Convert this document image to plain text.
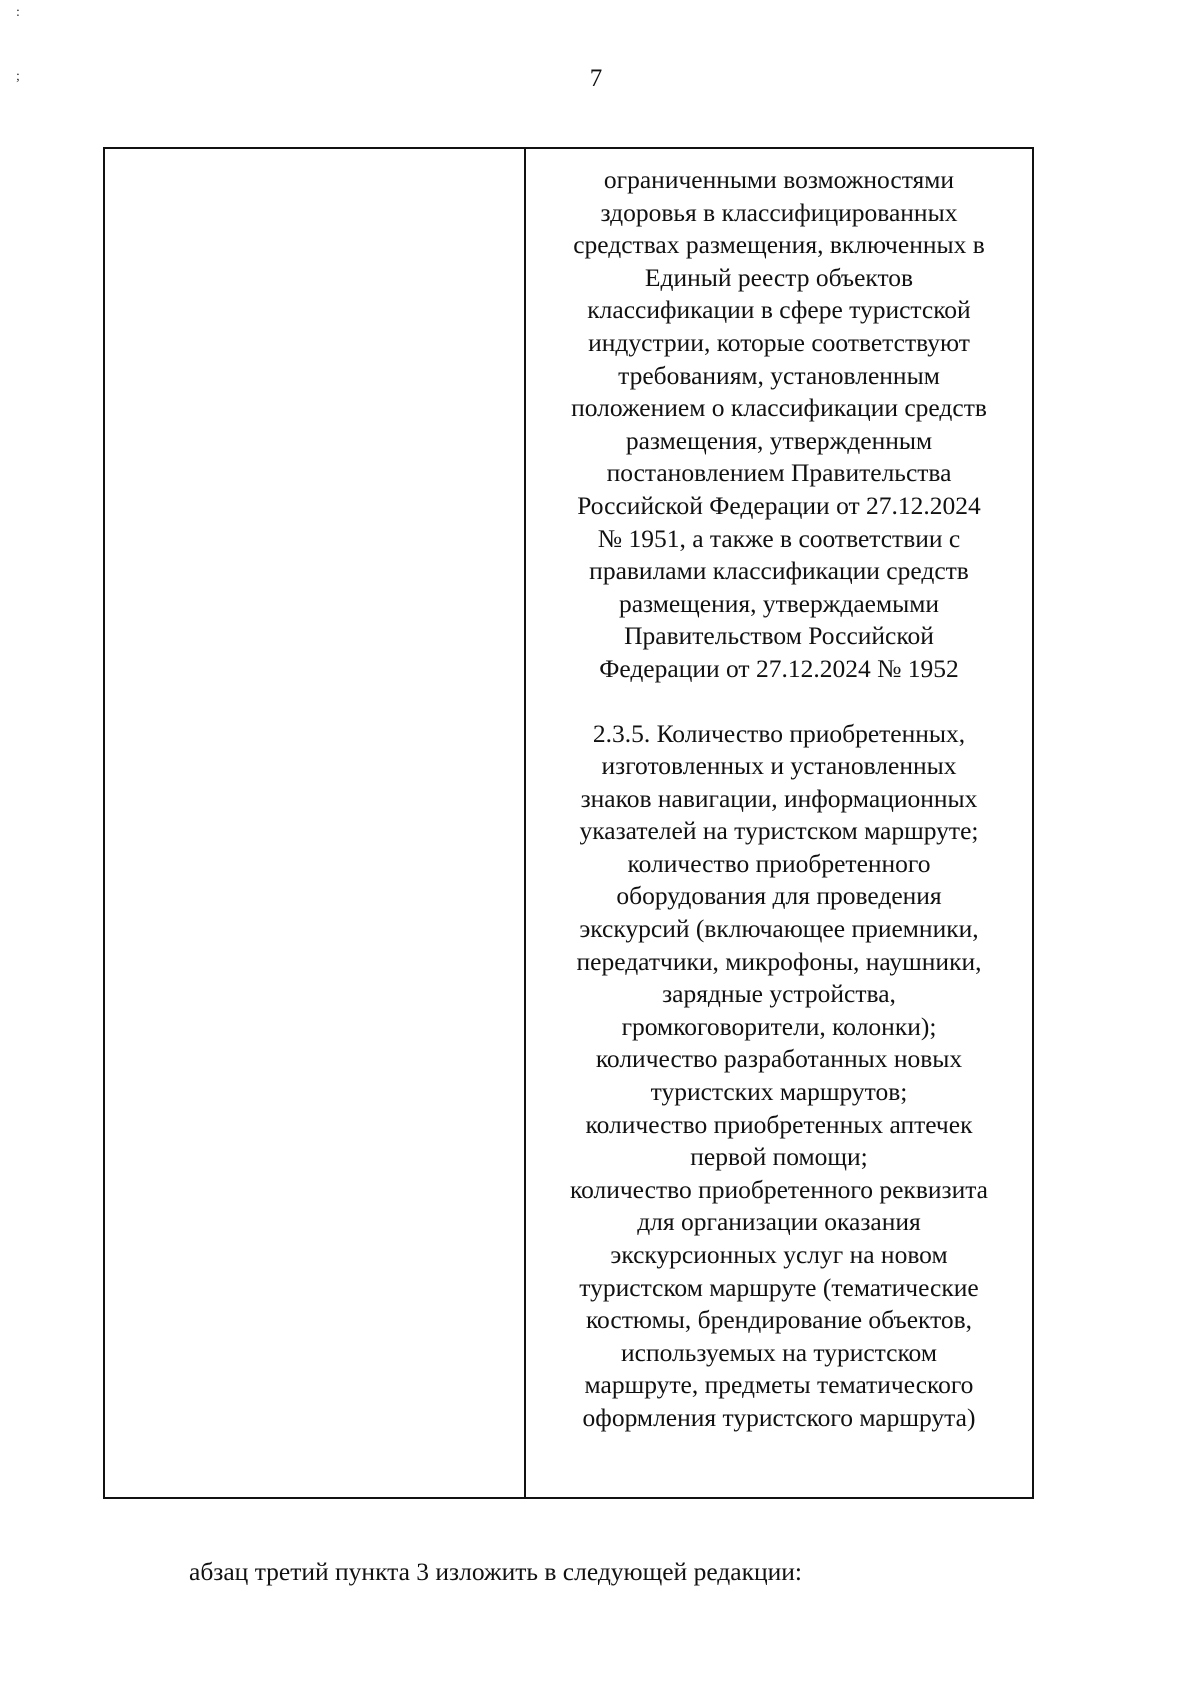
:
;	7

ограниченными возможностями
здоровья в классифицированных
средствах размещения, включенных в
Единый реестр объектов
классификации в сфере туристской
индустрии, которые соответствуют
требованиям, установленным
положением о классификации средств
размещения, утвержденным
постановлением Правительства
Российской Федерации от 27.12.2024
№ 1951, а также в соответствии с
правилами классификации средств
размещения, утверждаемыми
Правительством Российской
Федерации от 27.12.2024 № 1952

2.3.5. Количество приобретенных,
изготовленных и установленных
знаков навигации, информационных
указателей на туристском маршруте;
количество приобретенного
оборудования для проведения
экскурсий (включающее приемники,
передатчики, микрофоны, наушники,
зарядные устройства,
громкоговорители, колонки);
количество разработанных новых
туристских маршрутов;
количество приобретенных аптечек
первой помощи;
количество приобретенного реквизита
для организации оказания
экскурсионных услуг на новом
туристском маршруте (тематические
костюмы, брендирование объектов,
используемых на туристском
маршруте, предметы тематического
оформления туристского маршрута)

абзац третий пункта 3 изложить в следующей редакции:
